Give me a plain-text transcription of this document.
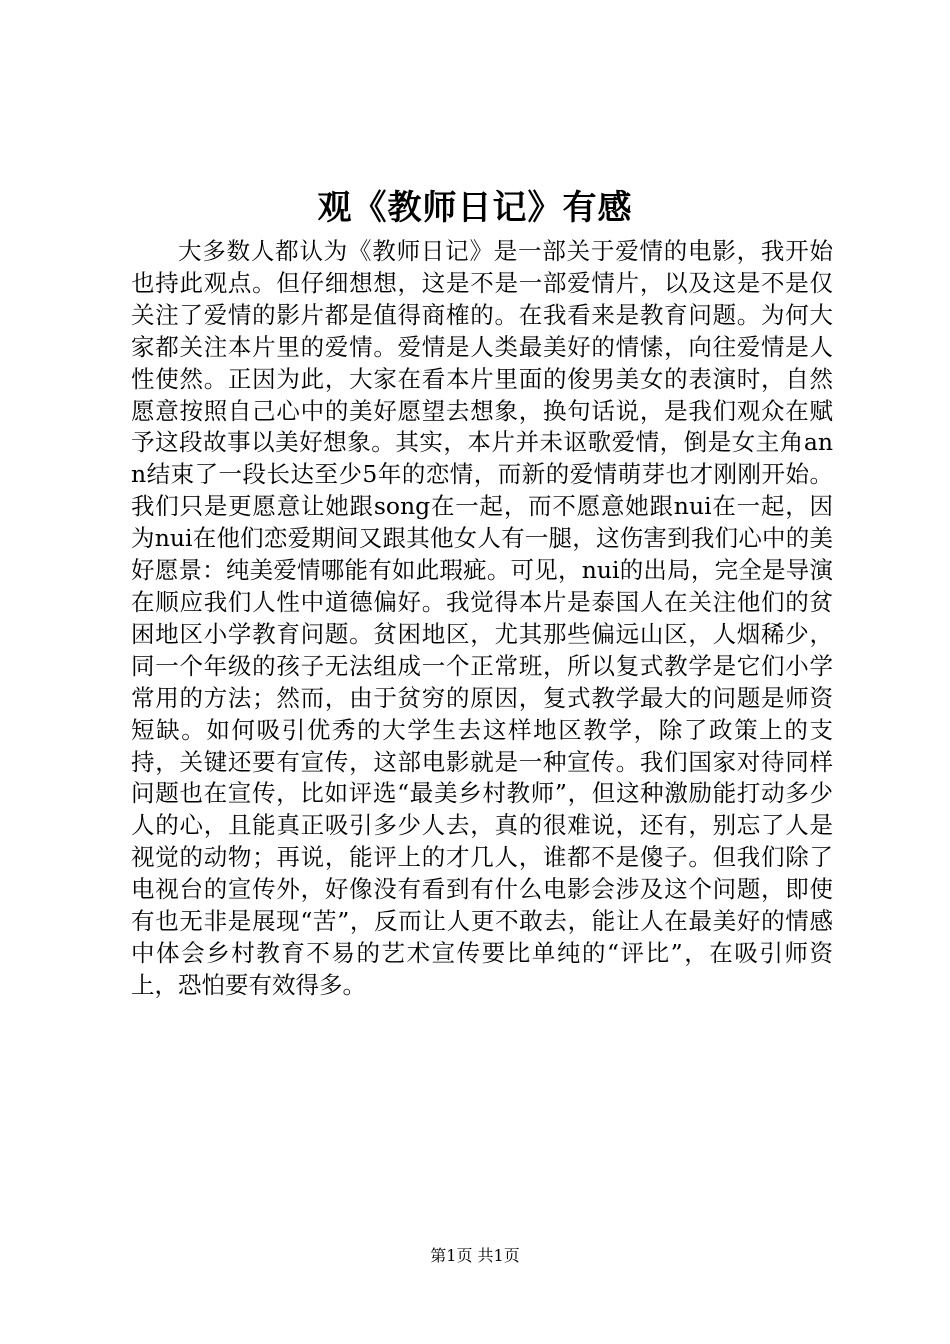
观《教师日记》有感

大多数人都认为《教师日记》是一部关于爱情的电影，我开始也持此观点。但仔细想想，这是不是一部爱情片，以及这是不是仅关注了爱情的影片都是值得商榷的。在我看来是教育问题。为何大家都关注本片里的爱情。爱情是人类最美好的情愫，向往爱情是人性使然。正因为此，大家在看本片里面的俊男美女的表演时，自然愿意按照自己心中的美好愿望去想象，换句话说，是我们观众在赋予这段故事以美好想象。其实，本片并未讴歌爱情，倒是女主角ann结束了一段长达至少5年的恋情，而新的爱情萌芽也才刚刚开始。我们只是更愿意让她跟song在一起，而不愿意她跟nui在一起，因为nui在他们恋爱期间又跟其他女人有一腿，这伤害到我们心中的美好愿景：纯美爱情哪能有如此瑕疵。可见，nui的出局，完全是导演在顺应我们人性中道德偏好。我觉得本片是泰国人在关注他们的贫困地区小学教育问题。贫困地区，尤其那些偏远山区，人烟稀少，同一个年级的孩子无法组成一个正常班，所以复式教学是它们小学常用的方法；然而，由于贫穷的原因，复式教学最大的问题是师资短缺。如何吸引优秀的大学生去这样地区教学，除了政策上的支持，关键还要有宣传，这部电影就是一种宣传。我们国家对待同样问题也在宣传，比如评选“最美乡村教师”，但这种激励能打动多少人的心，且能真正吸引多少人去，真的很难说，还有，别忘了人是视觉的动物；再说，能评上的才几人，谁都不是傻子。但我们除了电视台的宣传外，好像没有看到有什么电影会涉及这个问题，即使有也无非是展现“苦”，反而让人更不敢去，能让人在最美好的情感中体会乡村教育不易的艺术宣传要比单纯的“评比”，在吸引师资上，恐怕要有效得多。

第1页 共1页
